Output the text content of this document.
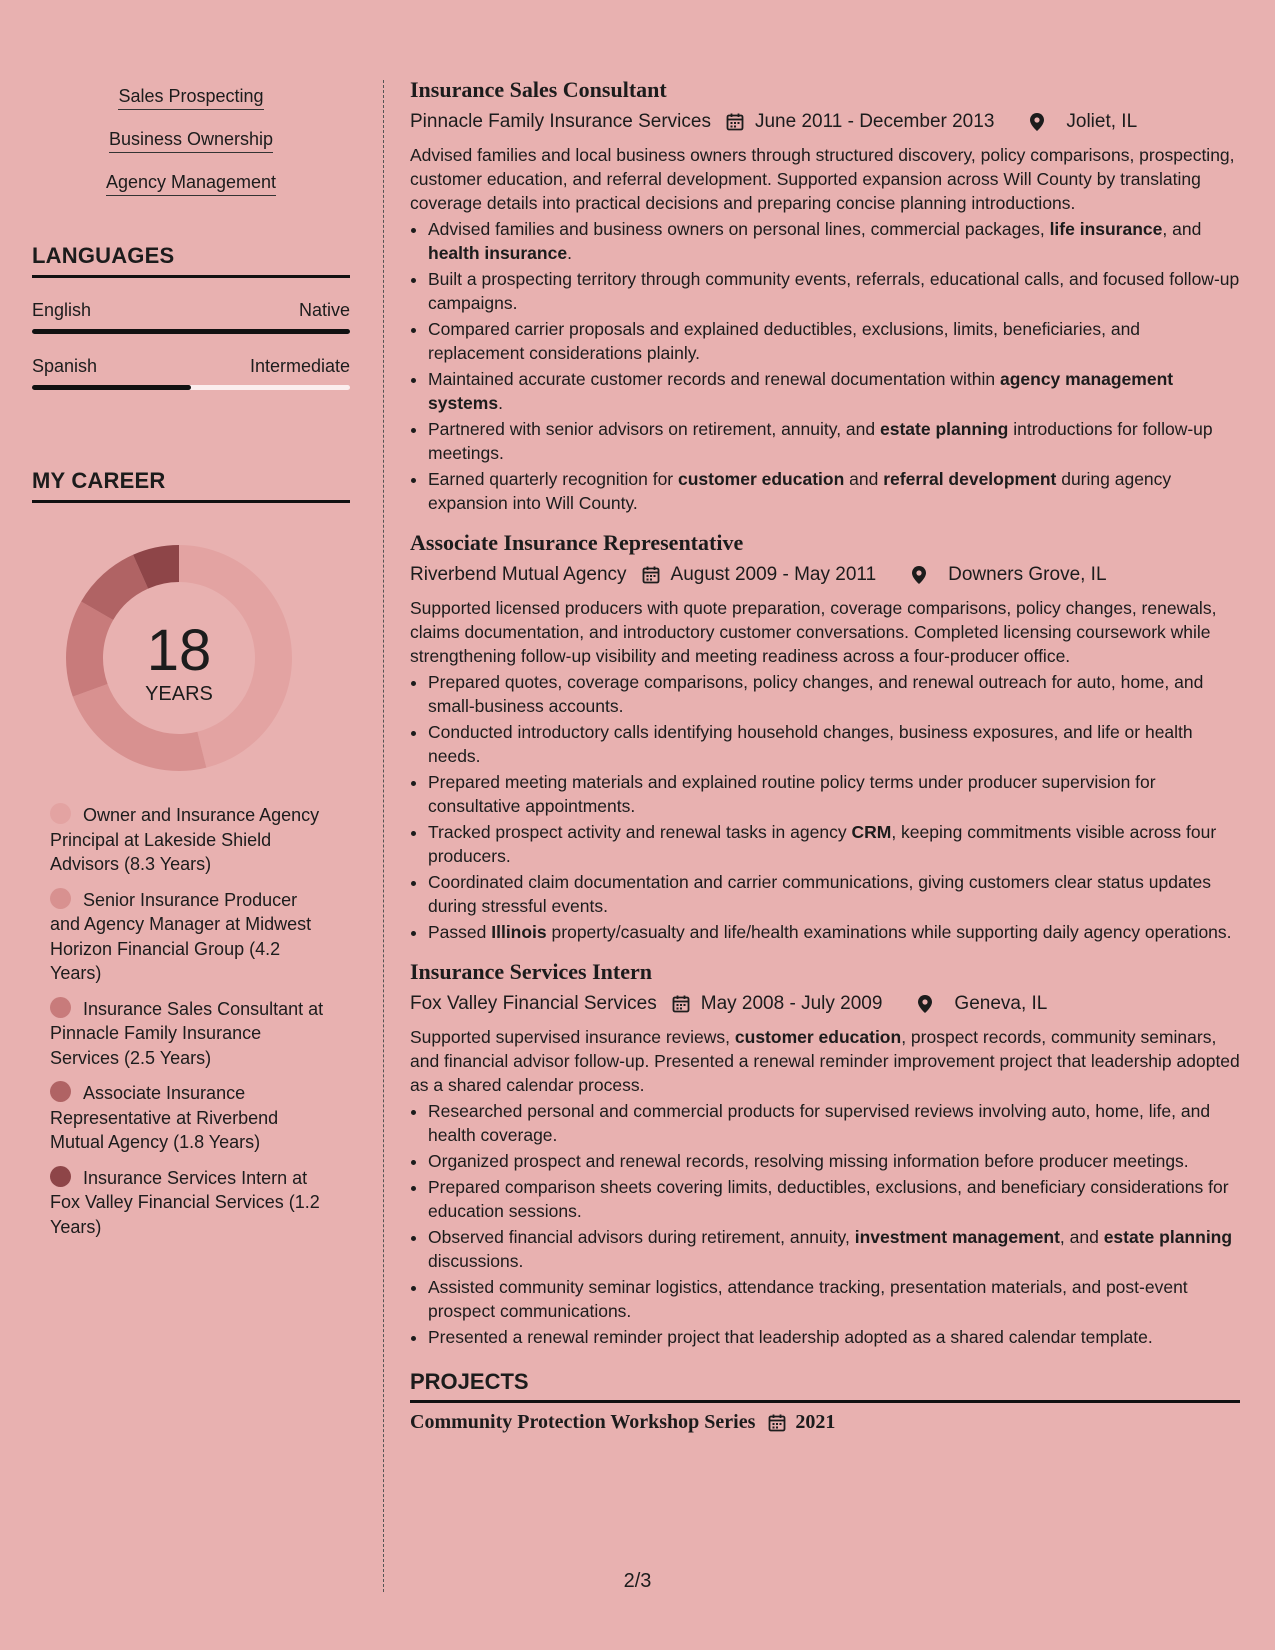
Sales Prospecting
Business Ownership
Agency Management
LANGUAGES
English	Native
Spanish	Intermediate
MY CAREER
18
YEARS
Owner and Insurance Agency Principal at Lakeside Shield Advisors (8.3 Years)
Senior Insurance Producer and Agency Manager at Midwest Horizon Financial Group (4.2 Years)
Insurance Sales Consultant at Pinnacle Family Insurance Services (2.5 Years)
Associate Insurance Representative at Riverbend Mutual Agency (1.8 Years)
Insurance Services Intern at Fox Valley Financial Services (1.2 Years)
Insurance Sales Consultant
Pinnacle Family Insurance Services June 2011 - December 2013	Joliet, IL
Advised families and local business owners through structured discovery, policy comparisons, prospecting, customer education, and referral development. Supported expansion across Will County by translating coverage details into practical decisions and preparing concise planning introductions.
• Advised families and business owners on personal lines, commercial packages, life insurance, and health insurance.
• Built a prospecting territory through community events, referrals, educational calls, and focused follow-up campaigns.
• Compared carrier proposals and explained deductibles, exclusions, limits, beneficiaries, and replacement considerations plainly.
• Maintained accurate customer records and renewal documentation within agency management systems.
• Partnered with senior advisors on retirement, annuity, and estate planning introductions for follow-up meetings.
• Earned quarterly recognition for customer education and referral development during agency expansion into Will County.
Associate Insurance Representative
Riverbend Mutual Agency August 2009 - May 2011	Downers Grove, IL
Supported licensed producers with quote preparation, coverage comparisons, policy changes, renewals, claims documentation, and introductory customer conversations. Completed licensing coursework while strengthening follow-up visibility and meeting readiness across a four-producer office.
• Prepared quotes, coverage comparisons, policy changes, and renewal outreach for auto, home, and small-business accounts.
• Conducted introductory calls identifying household changes, business exposures, and life or health needs.
• Prepared meeting materials and explained routine policy terms under producer supervision for consultative appointments.
• Tracked prospect activity and renewal tasks in agency CRM, keeping commitments visible across four producers.
• Coordinated claim documentation and carrier communications, giving customers clear status updates during stressful events.
• Passed Illinois property/casualty and life/health examinations while supporting daily agency operations.
Insurance Services Intern
Fox Valley Financial Services May 2008 - July 2009	Geneva, IL
Supported supervised insurance reviews, customer education, prospect records, community seminars, and financial advisor follow-up. Presented a renewal reminder improvement project that leadership adopted as a shared calendar process.
• Researched personal and commercial products for supervised reviews involving auto, home, life, and health coverage.
• Organized prospect and renewal records, resolving missing information before producer meetings.
• Prepared comparison sheets covering limits, deductibles, exclusions, and beneficiary considerations for education sessions.
• Observed financial advisors during retirement, annuity, investment management, and estate planning discussions.
• Assisted community seminar logistics, attendance tracking, presentation materials, and post-event prospect communications.
• Presented a renewal reminder project that leadership adopted as a shared calendar template.
PROJECTS
Community Protection Workshop Series 2021
2/3
